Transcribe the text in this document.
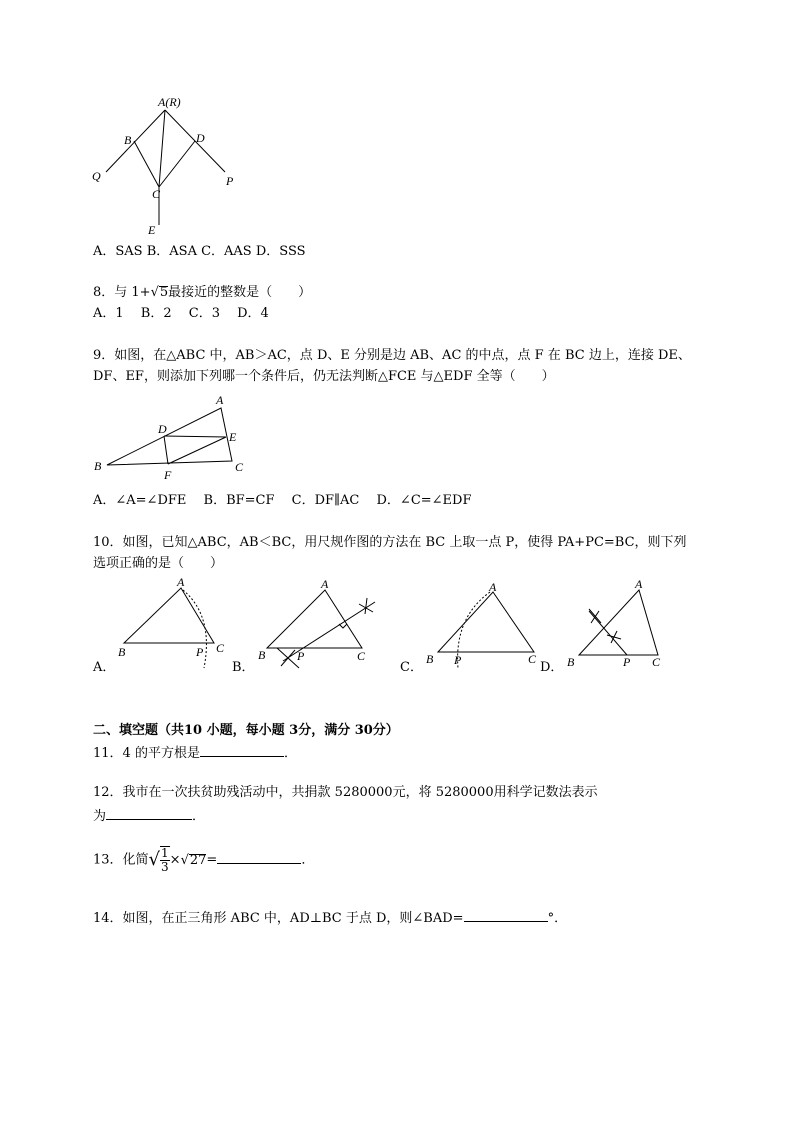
A(R)
B	D
Q
C
P
E
A．SAS B．ASA C．AAS D．SSS
8．与 1+√5最接近的整数是（　　）
A．1　 B．2　 C．3　 D．4
9．如图，在△ABC 中，AB＞AC，点 D、E 分别是边 AB、AC 的中点，点 F 在 BC 边上，连接 DE、
DF、EF，则添加下列哪一个条件后，仍无法判断△FCE 与△EDF 全等（　　）
A
D
E
B
F
C
A．∠A=∠DFE　 B．BF=CF　 C．DF∥AC　 D．∠C=∠EDF
10．如图，已知△ABC，AB＜BC，用尺规作图的方法在 BC 上取一点 P，使得 PA+PC=BC，则下列
选项正确的是（　　）
A．
A
B	P C
B．
A
B	P	C
C．
A
B P	C
D．
A
B	P C
二、填空题（共10 小题，每小题 3分，满分 30分）
11．4 的平方根是	．
12．我市在一次扶贫助残活动中，共捐款 5280000元，将 5280000用科学记数法表示
为	．
13．化简√ $\frac{1}{3} \times√27=$	．
14．如图，在正三角形 ABC 中，AD⊥BC 于点 D，则∠BAD=	°．
